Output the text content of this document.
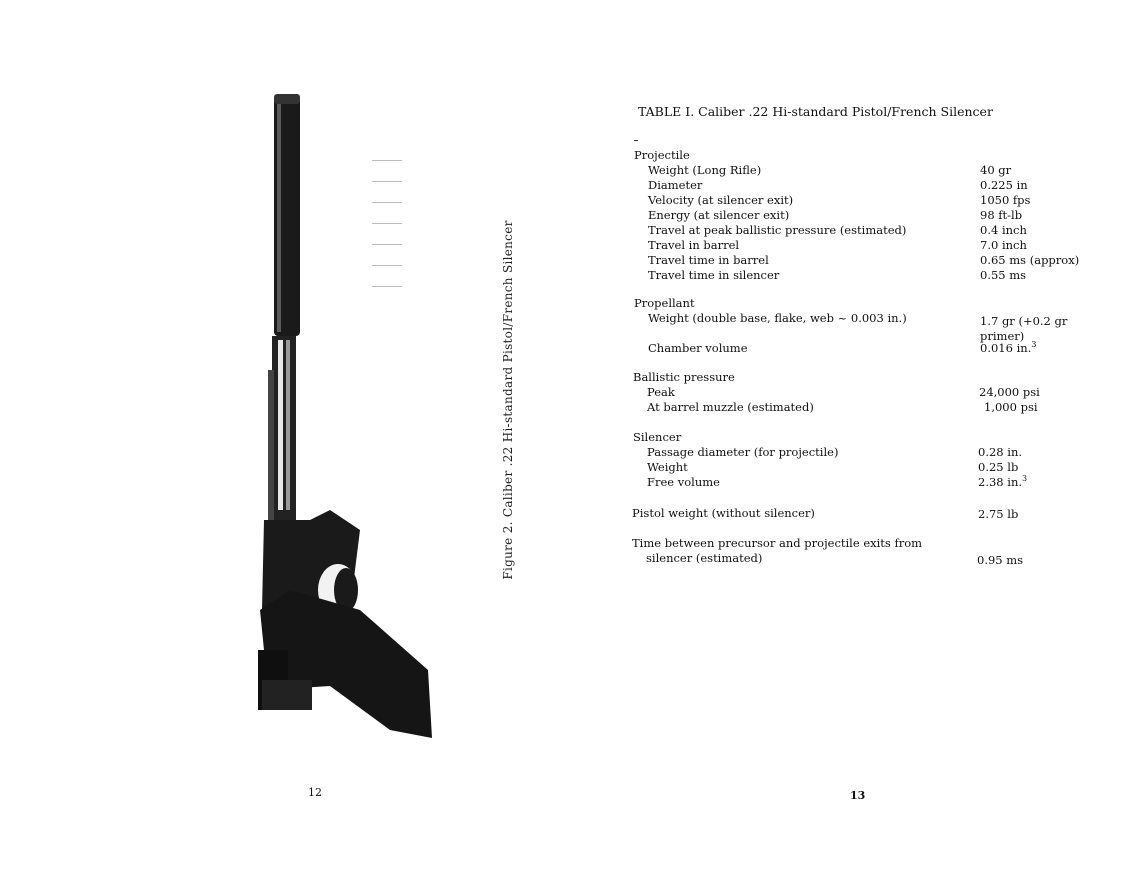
Figure 2. Caliber .22 Hi-standard Pistol/French Silencer
12
TABLE I. Caliber .22 Hi-standard Pistol/French Silencer
Projectile
Weight (Long Rifle)	40 gr
Diameter	0.225 in
Velocity (at silencer exit)	1050 fps
Energy (at silencer exit)	98 ft-lb
Travel at peak ballistic pressure (estimated)	0.4 inch
Travel in barrel	7.0 inch
Travel time in barrel	0.65 ms (approx)
Travel time in silencer	0.55 ms
Propellant
Weight (double base, flake, web ~ 0.003 in.)	1.7 gr (+0.2 gr primer)
Chamber volume	0.016 in.$^3$
Ballistic pressure
Peak	24,000 psi
At barrel muzzle (estimated)	1,000 psi
Silencer
Passage diameter (for projectile)	0.28 in.
Weight	0.25 lb
Free volume	2.38 in.$^3$
Pistol weight (without silencer)	2.75 lb
Time between precursor and projectile exits from
silencer (estimated)	0.95 ms
13
